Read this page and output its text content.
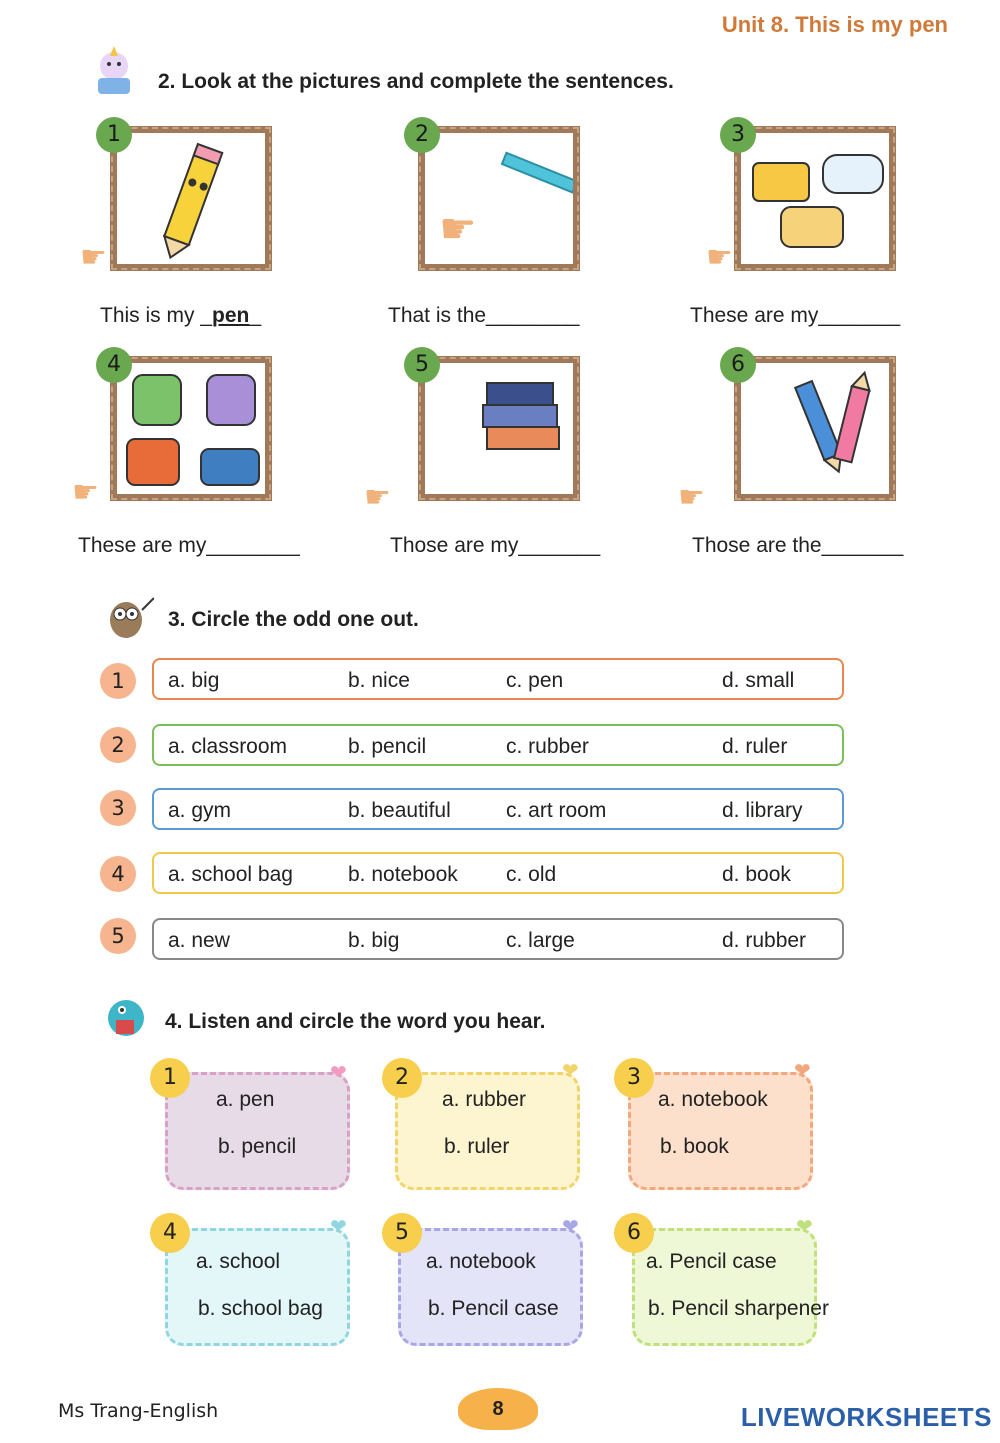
Unit 8. This is my pen
2. Look at the pictures and complete the sentences.
1
☛
☛
2	3
☛
This is my _pen_	That is the________	These are my_______
4
☛
5
☛
6
☛
These are my________	Those are my_______	Those are the_______
3. Circle the odd one out.
1	a. big	b. nice	c. pen	d. small
2	a. classroom	b. pencil	c. rubber	d. ruler
3	a. gym	b. beautiful	c. art room	d. library
4	a. school bag	b. notebook c. old	d. book
5	a. new	b. big	c. large	d. rubber
4. Listen and circle the word you hear.
1
a. pen
b. pencil
❤	2
a. rubber
b. ruler
❤	3
a. notebook
b. book
❤
4
a. school
b. school bag
❤	5
a. notebook
b. Pencil case
❤	6
a. Pencil case
b. Pencil sharpener
❤
Ms Trang-English	8	LIVEWORKSHEETS
